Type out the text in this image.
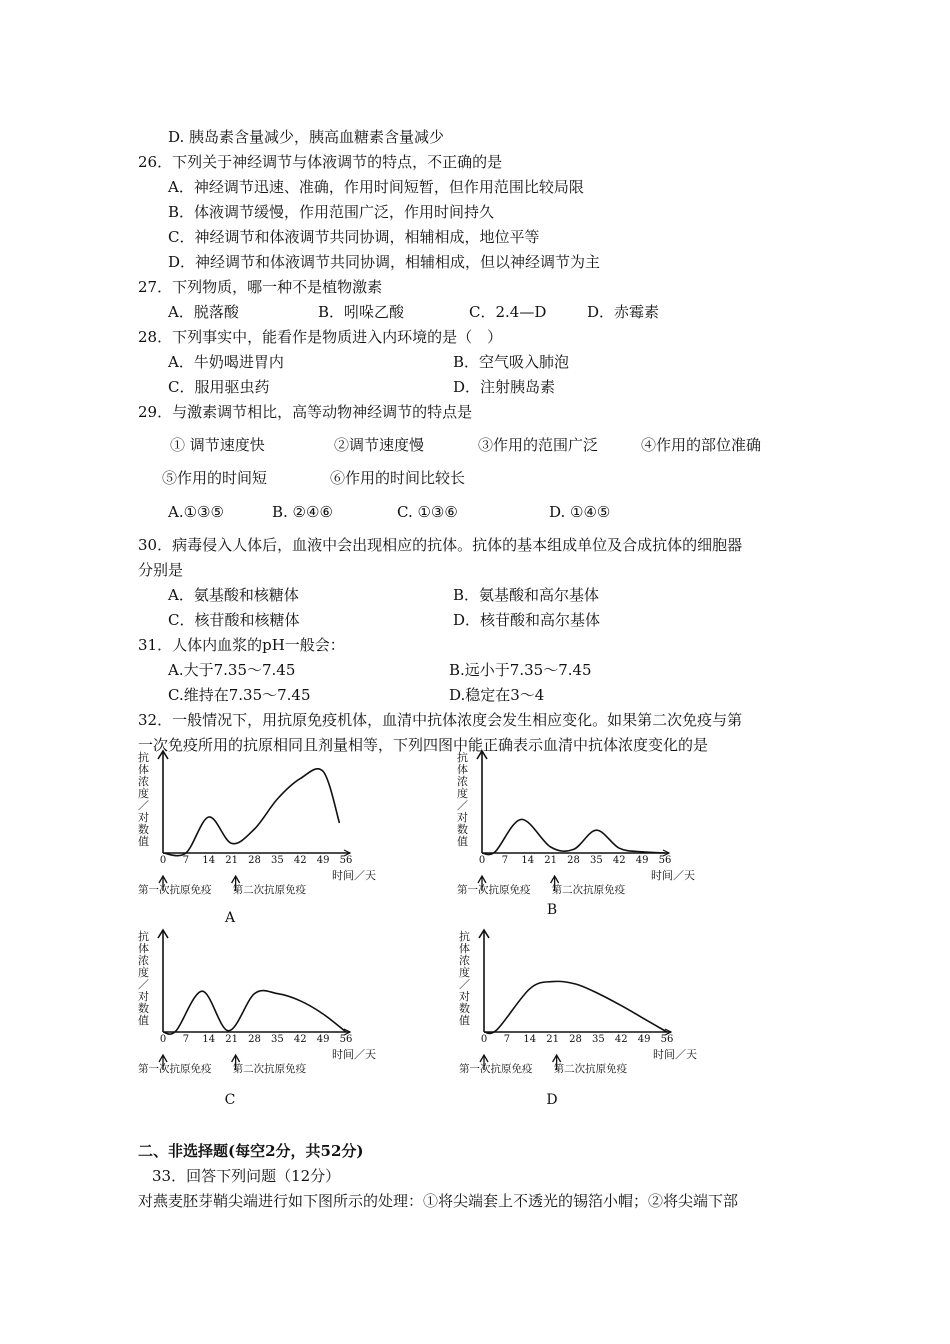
D. 胰岛素含量减少，胰高血糖素含量减少
26．下列关于神经调节与体液调节的特点，不正确的是
A．神经调节迅速、准确，作用时间短暂，但作用范围比较局限
B．体液调节缓慢，作用范围广泛，作用时间持久
C．神经调节和体液调节共同协调，相辅相成，地位平等
D．神经调节和体液调节共同协调，相辅相成，但以神经调节为主
27．下列物质，哪一种不是植物激素
A．脱落酸	B．吲哚乙酸	C．2.4—D	D．赤霉素
28．下列事实中，能看作是物质进入内环境的是（　）
A．牛奶喝进胃内	B．空气吸入肺泡
C．服用驱虫药	D．注射胰岛素
29．与激素调节相比，高等动物神经调节的特点是
① 调节速度快	②调节速度慢	③作用的范围广泛	④作用的部位准确
⑤作用的时间短	⑥作用的时间比较长
A.①③⑤	B. ②④⑥	C. ①③⑥	D. ①④⑤
30．病毒侵入人体后，血液中会出现相应的抗体。抗体的基本组成单位及合成抗体的细胞器
分别是
A．氨基酸和核糖体	B．氨基酸和高尔基体
C．核苷酸和核糖体	D．核苷酸和高尔基体
31．人体内血浆的pH一般会：
A.大于7.35～7.45	B.远小于7.35～7.45
C.维持在7.35～7.45	D.稳定在3～4
32．一般情况下，用抗原免疫机体，血清中抗体浓度会发生相应变化。如果第二次免疫与第
一次免疫所用的抗原相同且剂量相等，下列四图中能正确表示血清中抗体浓度变化的是
抗
体
浓
度
／
对
数
值
0 7 14 21 28 35 42 49 56
时间／天
第一次抗原免疫 第二次抗原免疫
A
抗
体
浓
度
／
对
数
值
0 7 14 21 28 35 42 49 56
时间／天
第一次抗原免疫 第二次抗原免疫
B
抗
体
浓
度
／
对
数
值
0 7 14 21 28 35 42 49 56
时间／天
第一次抗原免疫 第二次抗原免疫
C
抗
体
浓
度
／
对
数
值
0 7 14 21 28 35 42 49 56
时间／天
第一次抗原免疫 第二次抗原免疫
D
二、非选择题(每空2分，共52分)
33．回答下列问题（12分）
对燕麦胚芽鞘尖端进行如下图所示的处理：①将尖端套上不透光的锡箔小帽；②将尖端下部
